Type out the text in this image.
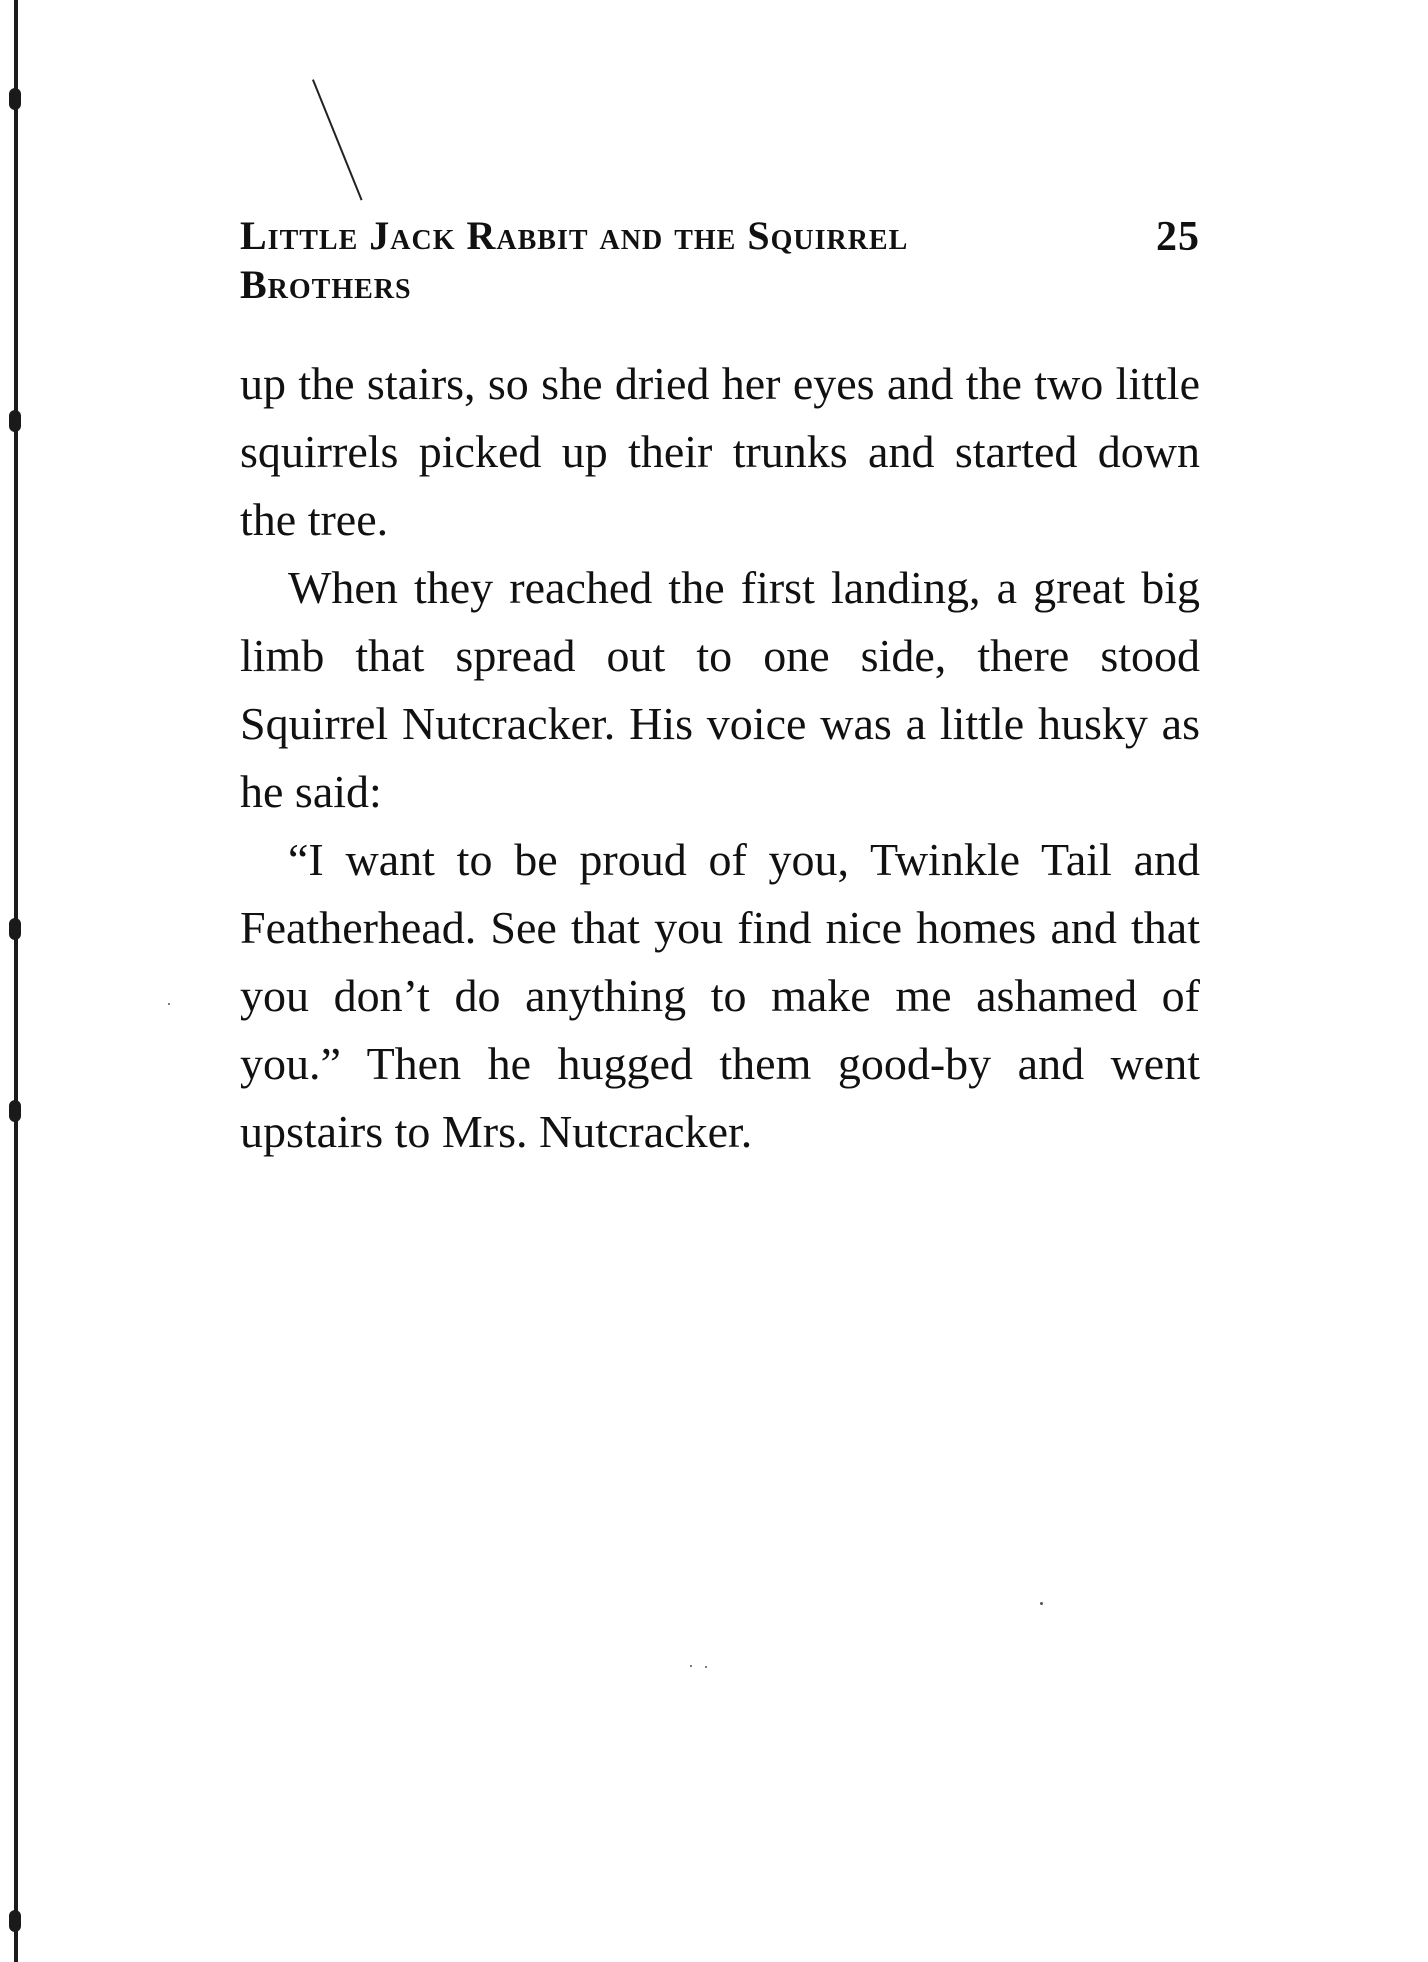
Little Jack Rabbit and the Squirrel Brothers
25

up the stairs, so she dried her eyes and the two little squirrels picked up their trunks and started down the tree.

When they reached the first landing, a great big limb that spread out to one side, there stood Squirrel Nutcracker. His voice was a little husky as he said:

“I want to be proud of you, Twinkle Tail and Featherhead. See that you find nice homes and that you don’t do anything to make me ashamed of you.” Then he hugged them good-by and went upstairs to Mrs. Nutcracker.
